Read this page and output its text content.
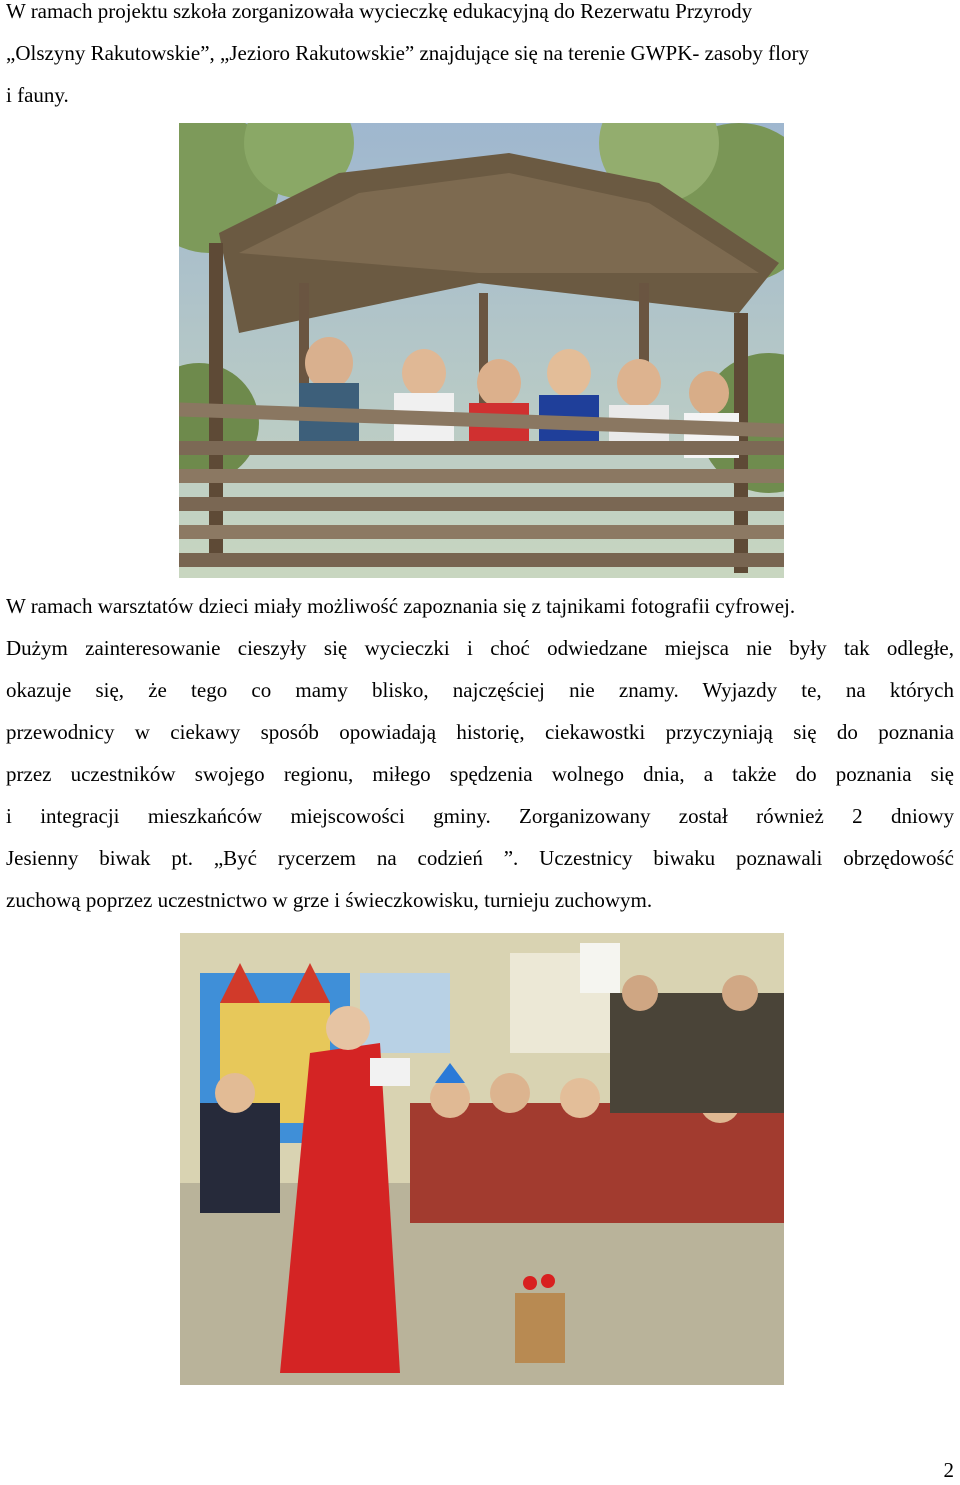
W ramach projektu szkoła zorganizowała wycieczkę edukacyjną do Rezerwatu Przyrody
„Olszyny Rakutowskie”, „Jezioro Rakutowskie” znajdujące się na terenie GWPK- zasoby flory
i fauny.

W ramach warsztatów dzieci miały możliwość zapoznania się z tajnikami fotografii cyfrowej.
Dużym zainteresowanie cieszyły się wycieczki i choć odwiedzane miejsca nie były tak odległe,
okazuje się, że tego co mamy blisko, najczęściej nie znamy. Wyjazdy te, na których
przewodnicy w ciekawy sposób opowiadają historię, ciekawostki przyczyniają się do poznania
przez uczestników swojego regionu, miłego spędzenia wolnego dnia, a także do poznania się
i integracji mieszkańców miejscowości gminy. Zorganizowany został również 2 dniowy
Jesienny biwak pt. „Być rycerzem na codzień ”. Uczestnicy biwaku poznawali obrzędowość
zuchową poprzez uczestnictwo w grze i świeczkowisku, turnieju zuchowym.
2
